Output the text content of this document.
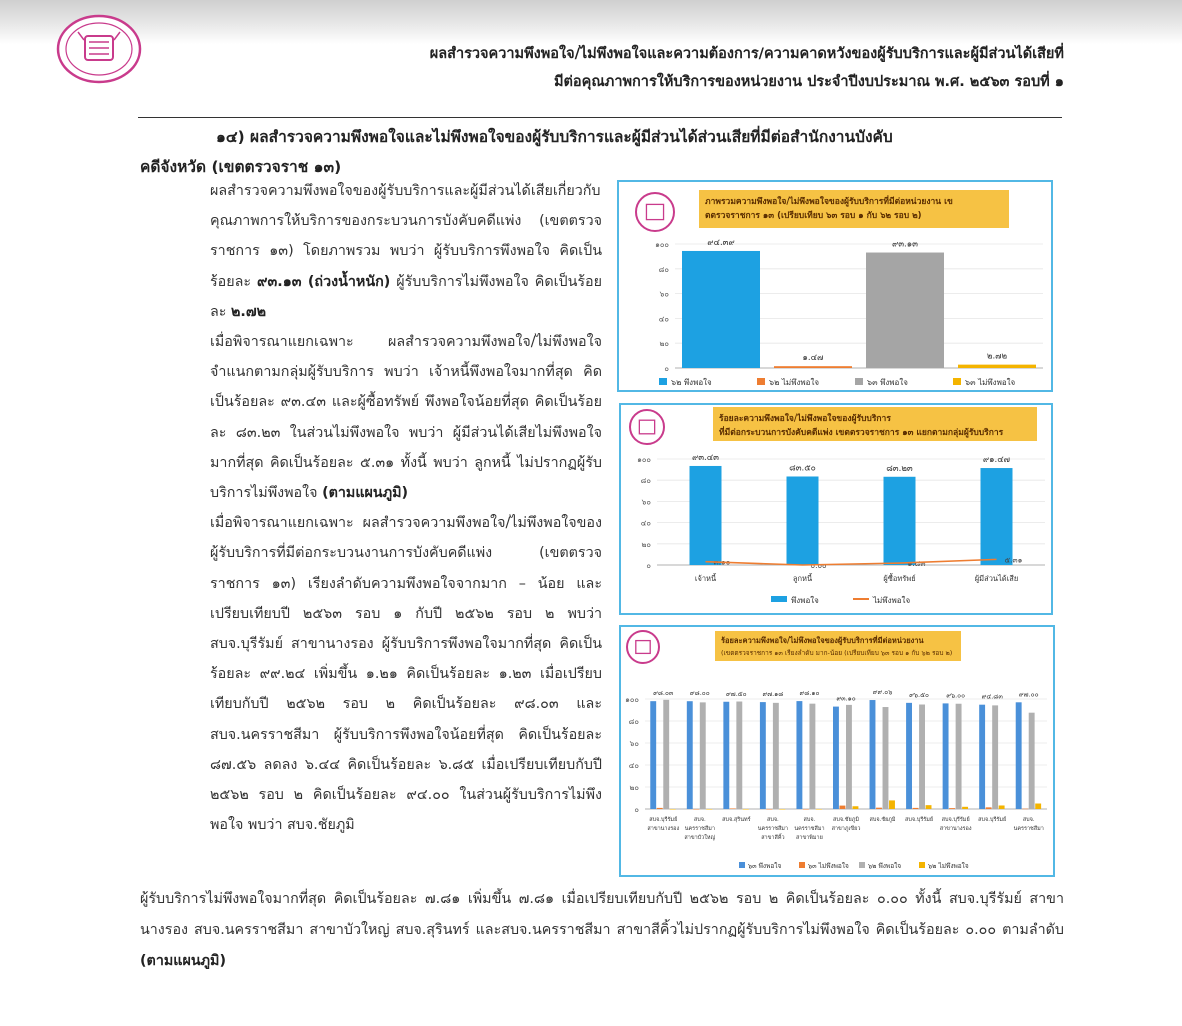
ผลสำรวจความพึงพอใจ/ไม่พึงพอใจและความต้องการ/ความคาดหวังของผู้รับบริการและผู้มีส่วนได้เสียที่
มีต่อคุณภาพการให้บริการของหน่วยงาน ประจำปีงบประมาณ พ.ศ. ๒๕๖๓ รอบที่ ๑
๑๔) ผลสำรวจความพึงพอใจและไม่พึงพอใจของผู้รับบริการและผู้มีส่วนได้ส่วนเสียที่มีต่อสำนักงานบังคับ
คดีจังหวัด (เขตตรวจราช ๑๓)

ผลสำรวจความพึงพอใจของผู้รับบริการและผู้มีส่วนได้เสียเกี่ยวกับคุณภาพการให้บริการของกระบวนการบังคับคดีแพ่ง (เขตตรวจราชการ ๑๓) โดยภาพรวม พบว่า ผู้รับบริการพึงพอใจ คิดเป็นร้อยละ ๙๓.๑๓ (ถ่วงน้ำหนัก) ผู้รับบริการไม่พึงพอใจ คิดเป็นร้อยละ ๒.๗๒

เมื่อพิจารณาแยกเฉพาะ ผลสำรวจความพึงพอใจ/ไม่พึงพอใจ จำแนกตามกลุ่มผู้รับบริการ พบว่า เจ้าหนี้พึงพอใจมากที่สุด คิดเป็นร้อยละ ๙๓.๔๓ และผู้ซื้อทรัพย์ พึงพอใจน้อยที่สุด คิดเป็นร้อยละ ๘๓.๒๓ ในส่วนไม่พึงพอใจ พบว่า ผู้มีส่วนได้เสียไม่พึงพอใจมากที่สุด คิดเป็นร้อยละ ๕.๓๑ ทั้งนี้ พบว่า ลูกหนี้ ไม่ปรากฏผู้รับบริการไม่พึงพอใจ (ตามแผนภูมิ)

เมื่อพิจารณาแยกเฉพาะ ผลสำรวจความพึงพอใจ/ไม่พึงพอใจของผู้รับบริการที่มีต่อกระบวนงานการบังคับคดีแพ่ง (เขตตรวจราชการ ๑๓) เรียงลำดับความพึงพอใจจากมาก – น้อย และเปรียบเทียบปี ๒๕๖๓ รอบ ๑ กับปี ๒๕๖๒ รอบ ๒ พบว่า สบจ.บุรีรัมย์ สาขานางรอง ผู้รับบริการพึงพอใจมากที่สุด คิดเป็นร้อยละ ๙๙.๒๔ เพิ่มขึ้น ๑.๒๑ คิดเป็นร้อยละ ๑.๒๓ เมื่อเปรียบเทียบกับปี ๒๕๖๒ รอบ ๒ คิดเป็นร้อยละ ๙๘.๐๓ และสบจ.นครราชสีมา ผู้รับบริการพึงพอใจน้อยที่สุด คิดเป็นร้อยละ ๘๗.๕๖ ลดลง ๖.๔๔ คิดเป็นร้อยละ ๖.๘๕ เมื่อเปรียบเทียบกับปี ๒๕๖๒ รอบ ๒ คิดเป็นร้อยละ ๙๔.๐๐ ในส่วนผู้รับบริการไม่พึงพอใจ พบว่า สบจ.ชัยภูมิ

ผู้รับบริการไม่พึงพอใจมากที่สุด คิดเป็นร้อยละ ๗.๘๑ เพิ่มขึ้น ๗.๘๑ เมื่อเปรียบเทียบกับปี ๒๕๖๒ รอบ ๒ คิดเป็นร้อยละ ๐.๐๐ ทั้งนี้ สบจ.บุรีรัมย์ สาขานางรอง สบจ.นครราชสีมา สาขาบัวใหญ่ สบจ.สุรินทร์ และสบจ.นครราชสีมา สาขาสีคิ้วไม่ปรากฏผู้รับบริการไม่พึงพอใจ คิดเป็นร้อยละ ๐.๐๐ ตามลำดับ (ตามแผนภูมิ)
ภาพรวมความพึงพอใจ/ไม่พึงพอใจของผู้รับบริการที่มีต่อหน่วยงาน เข
ตตรวจราชการ ๑๓ (เปรียบเทียบ ๖๓ รอบ ๑ กับ ๖๒ รอบ ๒)
๐
๒๐
๔๐
๖๐
๘๐
๑๐๐	๙๔.๓๙
๑.๔๗
๙๓.๑๓
๒.๗๒
๖๒ พึงพอใจ	๖๒ ไม่พึงพอใจ	๖๓ พึงพอใจ	๖๓ ไม่พึงพอใจ
ร้อยละความพึงพอใจ/ไม่พึงพอใจของผู้รับบริการ
ที่มีต่อกระบวนการบังคับคดีแพ่ง เขตตรวจราชการ ๑๓ แยกตามกลุ่มผู้รับบริการ
๐
๒๐
๔๐
๖๐
๘๐
๑๐๐	๙๓.๔๓
๓.๑๐
เจ้าหนี้
๘๓.๕๐
๐.๐๐
ลูกหนี้
๘๓.๒๓
๑.๘๓
ผู้ซื้อทรัพย์
๙๑.๔๗
๕.๓๑
ผู้มีส่วนได้เสีย
พึงพอใจ	ไม่พึงพอใจ
ร้อยละความพึงพอใจ/ไม่พึงพอใจของผู้รับบริการที่มีต่อหน่วยงาน
(เขตตรวจราชการ ๑๓ เรียงลำดับ มาก-น้อย (เปรียบเทียบ ๖๓ รอบ ๑ กับ ๖๒ รอบ ๒)
๐
๒๐
๔๐
๖๐
๘๐
๑๐๐
๙๘.๐๓
สบจ.บุรีรัมย์
สาขานางรอง
๙๘.๐๐
สบจ.
นครราชสีมา
สาขาบัวใหญ่
๙๗.๕๐
สบจ.สุรินทร์
๙๗.๑๘
สบจ.
นครราชสีมา
สาขาสีคิ้ว
๙๘.๑๐
สบจ.
นครราชสีมา
สาขาพิมาย
๙๓.๑๐
สบจ.ชัยภูมิ
สาขาภูเขียว
๙๙.๐๖
สบจ.ชัยภูมิ
๙๖.๕๐
สบจ.บุรีรัมย์
๙๖.๐๐
สบจ.บุรีรัมย์
สาขานางรอง
๙๔.๘๓
สบจ.บุรีรัมย์
๙๗.๐๐
สบจ.
นครราชสีมา
๖๓ พึงพอใจ	๖๓ ไม่พึงพอใจ	๖๒ พึงพอใจ	๖๒ ไม่พึงพอใจ
